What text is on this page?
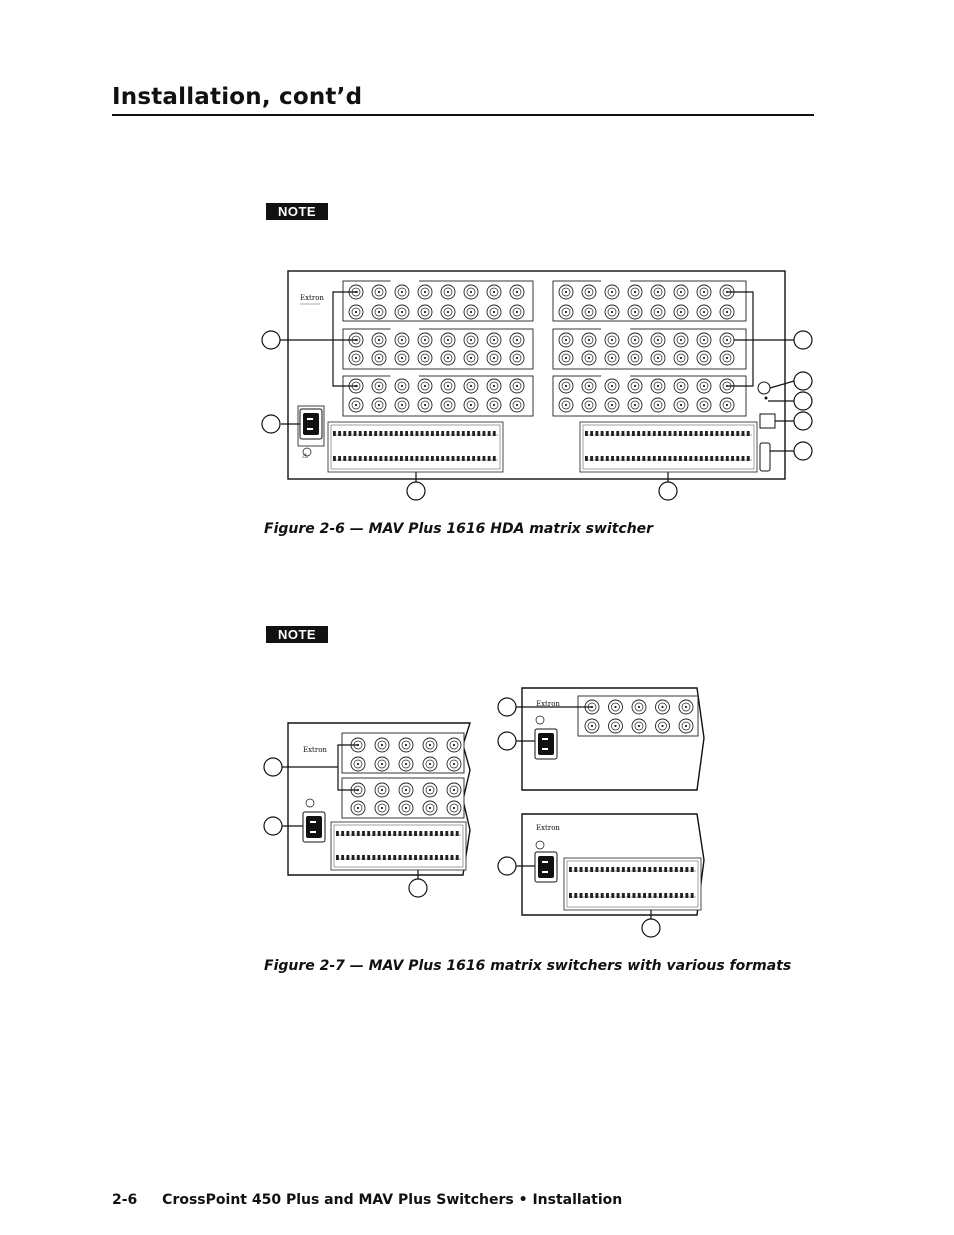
Installation, cont’d
NOTE
Extron
⚠
Extron
Extron
Extron
Figure 2-6 — MAV Plus 1616 HDA matrix switcher
NOTE
Figure 2-7 — MAV Plus 1616 matrix switchers with various formats
2-6 CrossPoint 450 Plus and MAV Plus Switchers • Installation
